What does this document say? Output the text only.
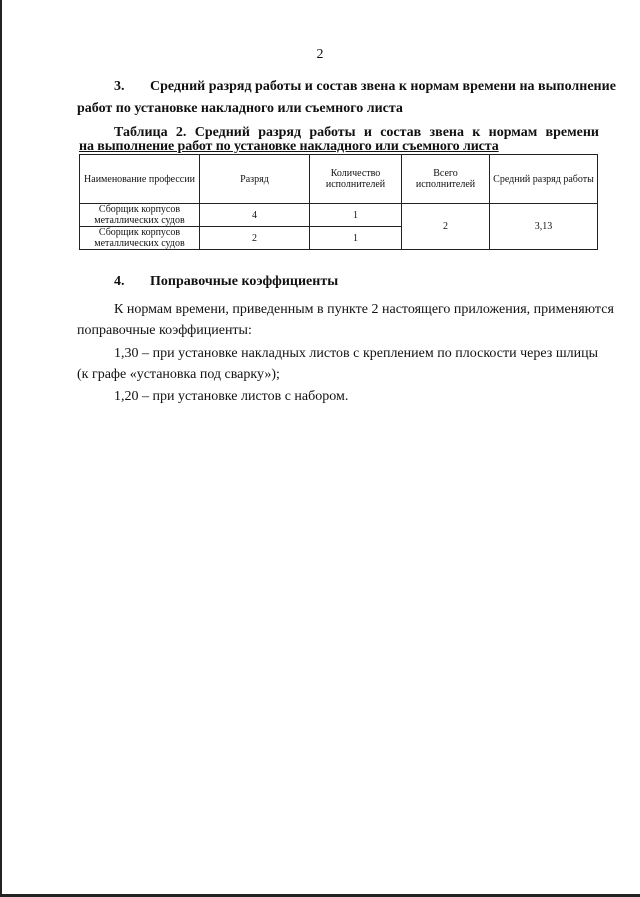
2
3. Средний разряд работы и состав звена к нормам времени на выполнение
работ по установке накладного или съемного листа
Таблица 2. Средний разряд работы и состав звена к нормам времени
на выполнение работ по установке накладного или съемного листа
Наименование профессии	Разряд	Количество исполнителей	Всего исполнителей	Средний разряд работы
Сборщик корпусов металлических судов	4	1	2	3,13
Сборщик корпусов металлических судов	2	1		
4. Поправочные коэффициенты
К нормам времени, приведенным в пункте 2 настоящего приложения, применяются
поправочные коэффициенты:
1,30 – при установке накладных листов с креплением по плоскости через шлицы
(к графе «установка под сварку»);
1,20 – при установке листов с набором.
